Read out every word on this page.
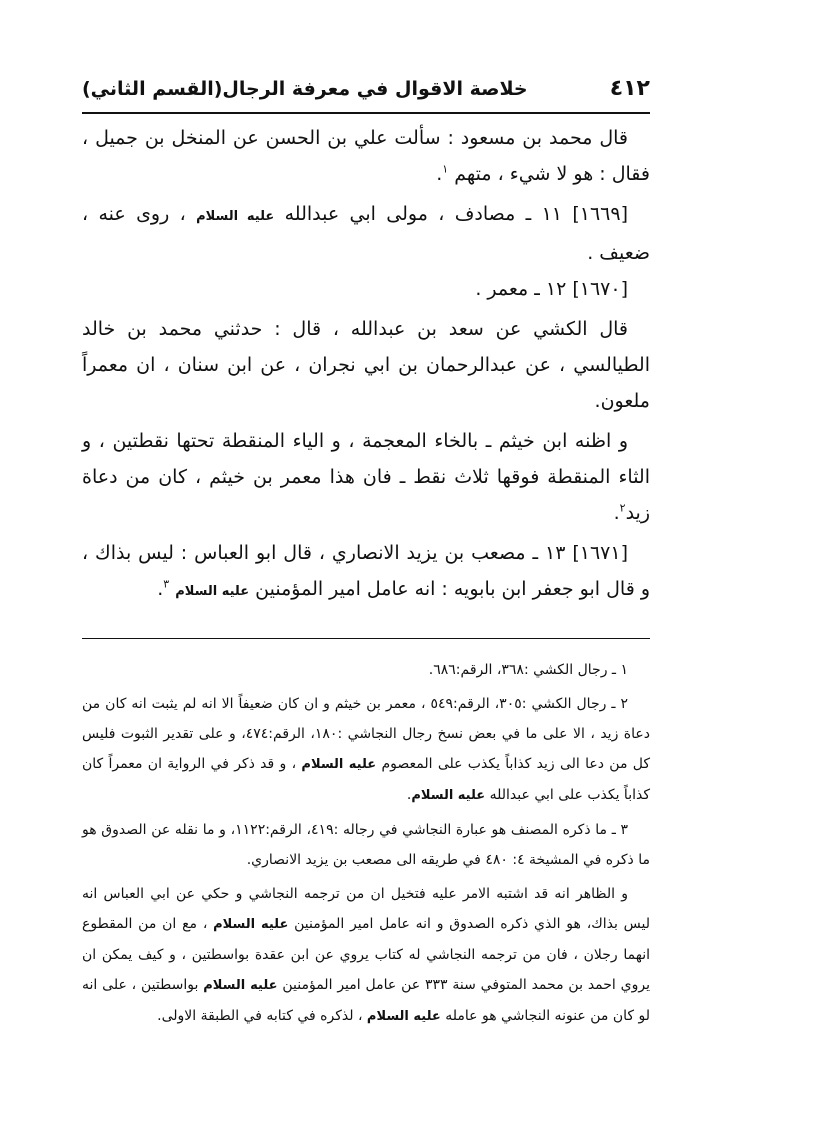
٤١٢
خلاصة الاقوال في معرفة الرجال(القسم الثاني)

قال محمد بن مسعود : سألت علي بن الحسن عن المنخل بن جميل ، فقال : هو لا شيء ، متهم $^١$.

[١٦٦٩] ١١ ـ مصادف ، مولى ابي عبدالله عليه السلام ، روى عنه ، ضعيف .

[١٦٧٠] ١٢ ـ معمر .

قال الكشي عن سعد بن عبدالله ، قال : حدثني محمد بن خالد الطيالسي ، عن عبدالرحمان بن ابي نجران ، عن ابن سنان ، ان معمراً ملعون.

و اظنه ابن خيثم ـ بالخاء المعجمة ، و الياء المنقطة تحتها نقطتين ، و الثاء المنقطة فوقها ثلاث نقط ـ فان هذا معمر بن خيثم ، كان من دعاة زيد$^٢$.

[١٦٧١] ١٣ ـ مصعب بن يزيد الانصاري ، قال ابو العباس : ليس بذاك ، و قال ابو جعفر ابن بابويه : انه عامل امير المؤمنين عليه السلام $^٣$.

١ ـ رجال الكشي :٣٦٨، الرقم:٦٨٦.

٢ ـ رجال الكشي :٣٠٥، الرقم:٥٤٩ ، معمر بن خيثم و ان كان ضعيفاً الا انه لم يثبت انه كان من دعاة زيد ، الا على ما في بعض نسخ رجال النجاشي :١٨٠، الرقم:٤٧٤، و على تقدير الثبوت فليس كل من دعا الى زيد كذاباً يكذب على المعصوم عليه السلام ، و قد ذكر في الرواية ان معمراً كان كذاباً يكذب على ابي عبدالله عليه السلام.

٣ ـ ما ذكره المصنف هو عبارة النجاشي في رجاله :٤١٩، الرقم:١١٢٢، و ما نقله عن الصدوق هو ما ذكره في المشيخة ٤: ٤٨٠ في طريقه الى مصعب بن يزيد الانصاري.

و الظاهر انه قد اشتبه الامر عليه فتخيل ان من ترجمه النجاشي و حكي عن ابي العباس انه ليس بذاك، هو الذي ذكره الصدوق و انه عامل امير المؤمنين عليه السلام ، مع ان من المقطوع انهما رجلان ، فان من ترجمه النجاشي له كتاب يروي عن ابن عقدة بواسطتين ، و كيف يمكن ان يروي احمد بن محمد المتوفي سنة ٣٣٣ عن عامل امير المؤمنين عليه السلام بواسطتين ، على انه لو كان من عنونه النجاشي هو عامله عليه السلام ، لذكره في كتابه في الطبقة الاولى.
